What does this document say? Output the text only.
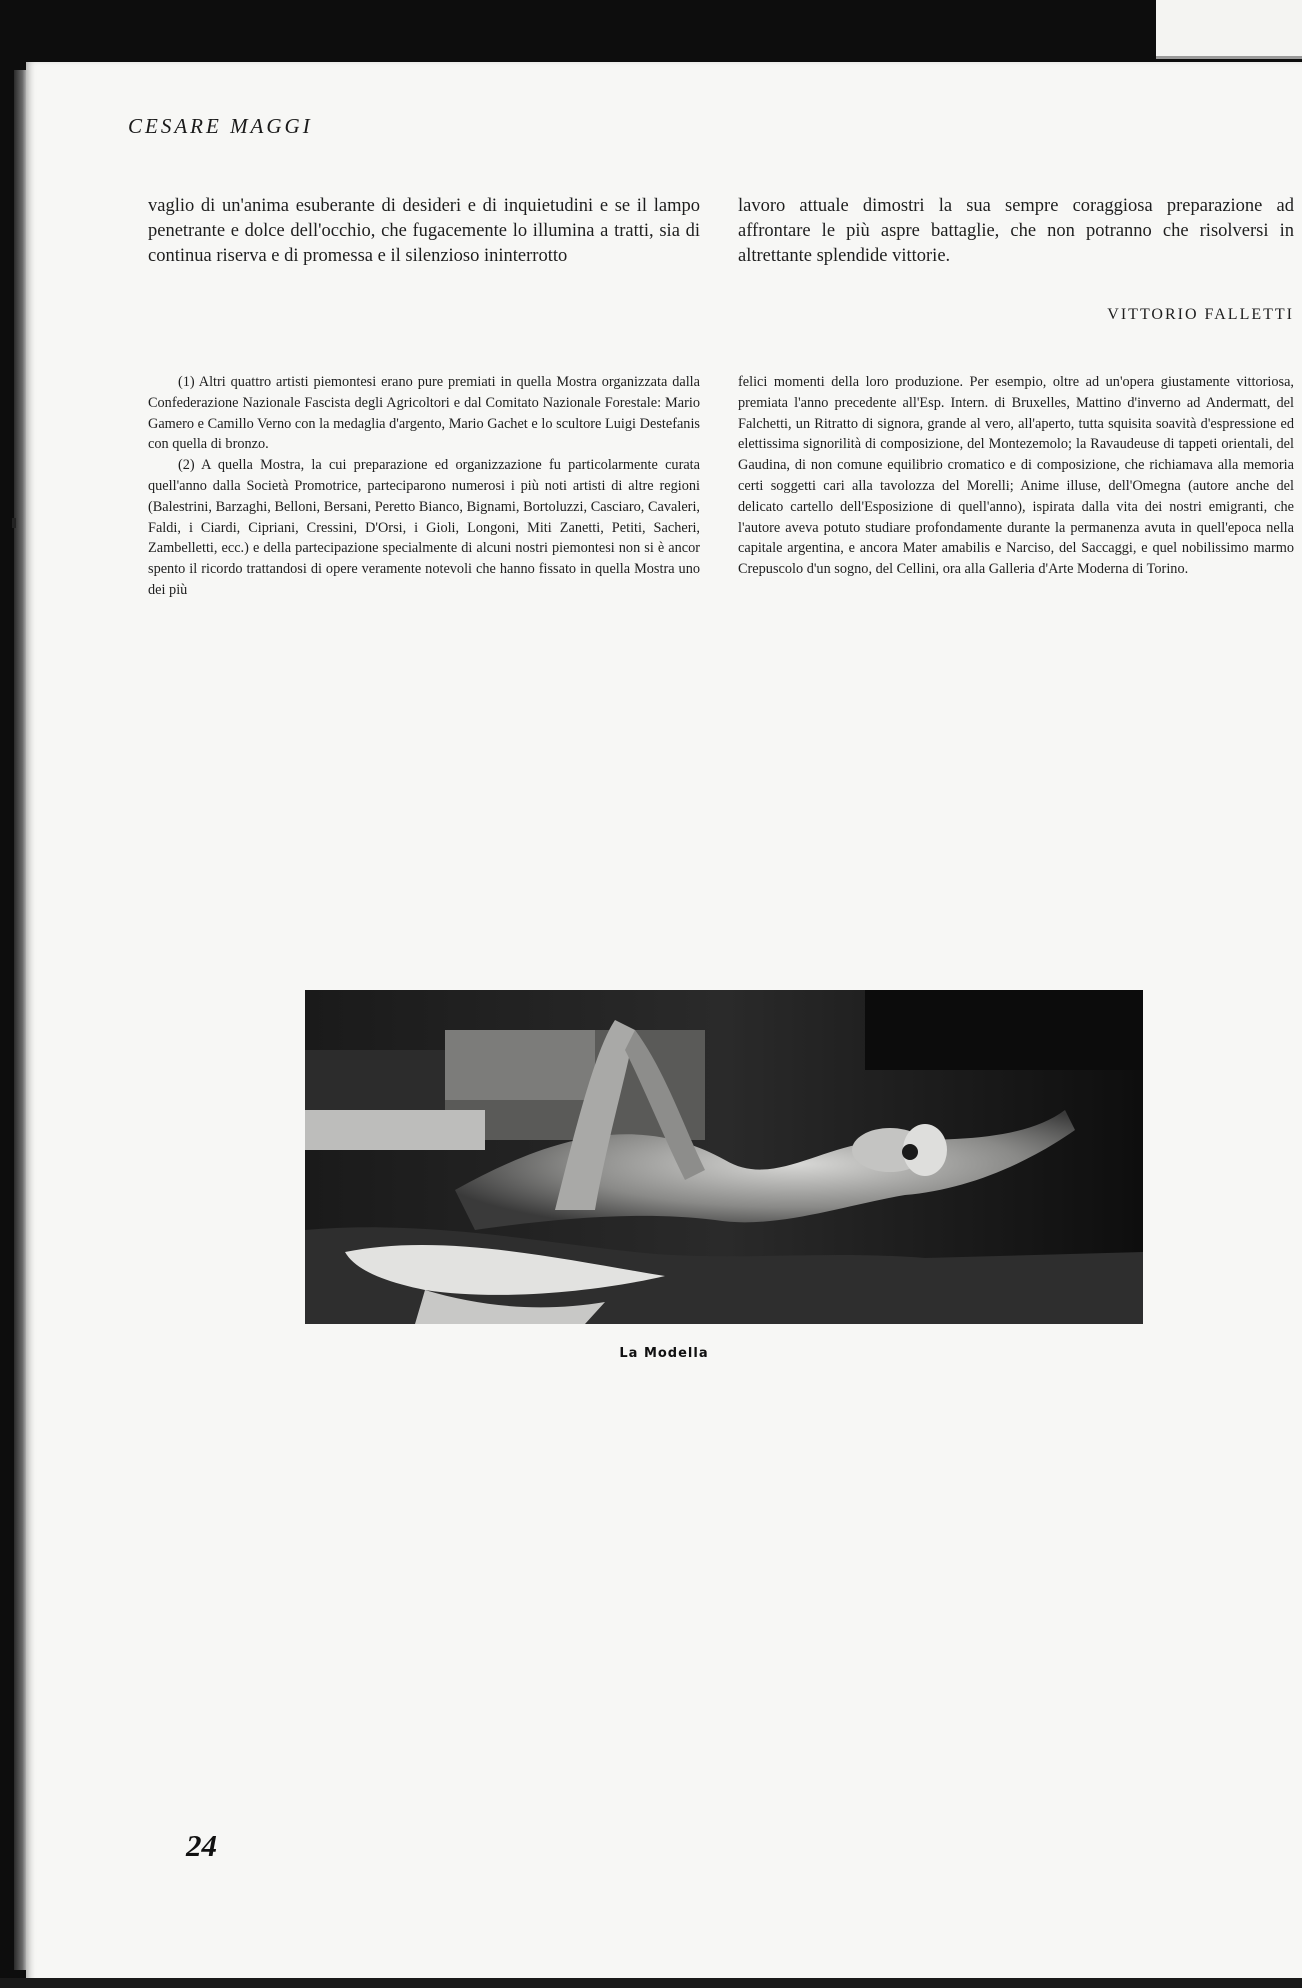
CESARE MAGGI

vaglio di un'anima esuberante di desideri e di inquietudini e se il lampo penetrante e dolce dell'occhio, che fugacemente lo illumina a tratti, sia di continua riserva e di promessa e il silenzioso ininterrotto

lavoro attuale dimostri la sua sempre coraggiosa preparazione ad affrontare le più aspre battaglie, che non potranno che risolversi in altrettante splendide vittorie.

VITTORIO FALLETTI

(1) Altri quattro artisti piemontesi erano pure premiati in quella Mostra organizzata dalla Confederazione Nazionale Fascista degli Agricoltori e dal Comitato Nazionale Forestale: Mario Gamero e Camillo Verno con la medaglia d'argento, Mario Gachet e lo scultore Luigi Destefanis con quella di bronzo.

(2) A quella Mostra, la cui preparazione ed organizzazione fu particolarmente curata quell'anno dalla Società Promotrice, parteciparono numerosi i più noti artisti di altre regioni (Balestrini, Barzaghi, Belloni, Bersani, Peretto Bianco, Bignami, Bortoluzzi, Casciaro, Cavaleri, Faldi, i Ciardi, Cipriani, Cressini, D'Orsi, i Gioli, Longoni, Miti Zanetti, Petiti, Sacheri, Zambelletti, ecc.) e della partecipazione specialmente di alcuni nostri piemontesi non si è ancor spento il ricordo trattandosi di opere veramente notevoli che hanno fissato in quella Mostra uno dei più

felici momenti della loro produzione. Per esempio, oltre ad un'opera giustamente vittoriosa, premiata l'anno precedente all'Esp. Intern. di Bruxelles, Mattino d'inverno ad Andermatt, del Falchetti, un Ritratto di signora, grande al vero, all'aperto, tutta squisita soavità d'espressione ed elettissima signorilità di composizione, del Montezemolo; la Ravaudeuse di tappeti orientali, del Gaudina, di non comune equilibrio cromatico e di composizione, che richiamava alla memoria certi soggetti cari alla tavolozza del Morelli; Anime illuse, dell'Omegna (autore anche del delicato cartello dell'Esposizione di quell'anno), ispirata dalla vita dei nostri emigranti, che l'autore aveva potuto studiare profondamente durante la permanenza avuta in quell'epoca nella capitale argentina, e ancora Mater amabilis e Narciso, del Saccaggi, e quel nobilissimo marmo Crepuscolo d'un sogno, del Cellini, ora alla Galleria d'Arte Moderna di Torino.

La Modella
24
